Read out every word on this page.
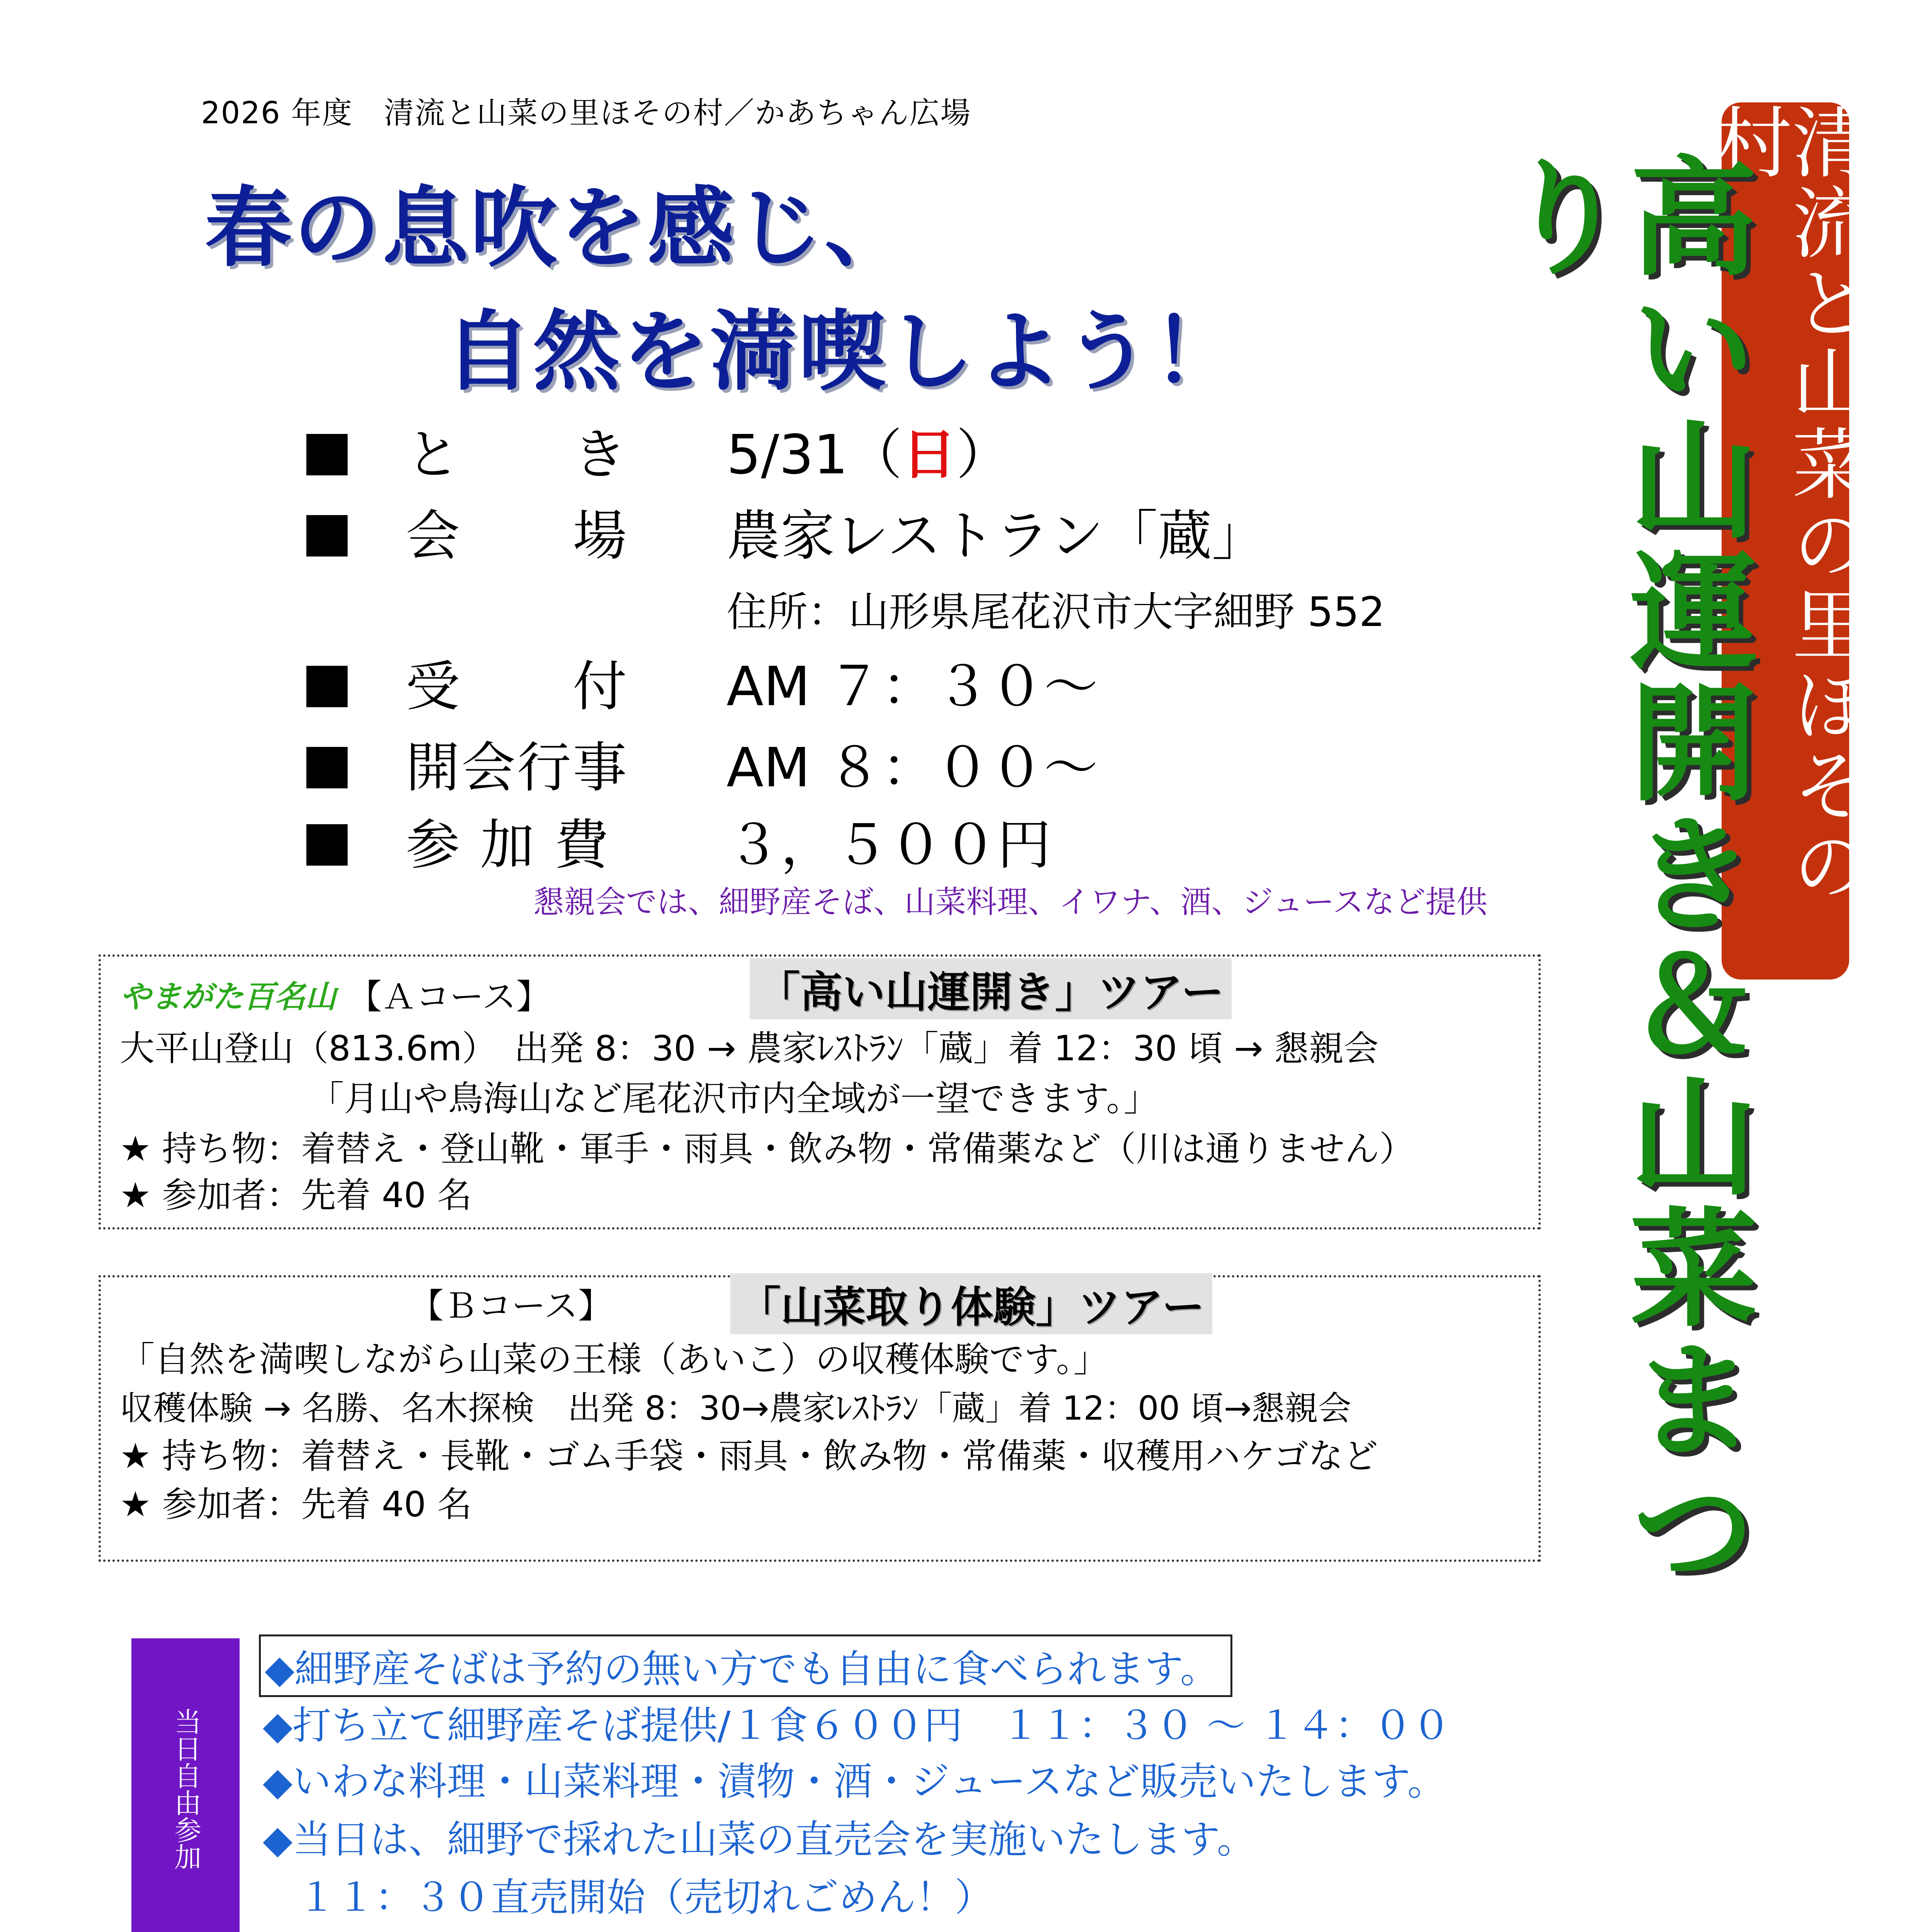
2026 年度　清流と山菜の里ほその村／かあちゃん広場
春の息吹を感じ、
自然を満喫しよう！	清流と山菜の里ほその村
高い山運開き＆山菜まつり
■ と　　き	5/31（日）
■ 会　　場	農家レストラン「蔵」
住所：山形県尾花沢市大字細野 552
■ 受　　付	AM ７：３０～
■ 開会行事	AM ８：００～
■ 参 加 費	３，５００円
懇親会では、細野産そば、山菜料理、イワナ、酒、ジュースなど提供
やまがた百名山 【Ａコース】	「高い山運開き」ツアー
大平山登山（813.6m）　出発 8：30 → 農家ﾚｽﾄﾗﾝ「蔵」着 12：30 頃 → 懇親会
「月山や鳥海山など尾花沢市内全域が一望できます。」
★ 持ち物：着替え・登山靴・軍手・雨具・飲み物・常備薬など（川は通りません）
★ 参加者：先着 40 名
【Ｂコース】	「山菜取り体験」ツアー
「自然を満喫しながら山菜の王様（あいこ）の収穫体験です。」
収穫体験 → 名勝、名木探検　出発 8：30→農家ﾚｽﾄﾗﾝ「蔵」着 12：00 頃→懇親会
★ 持ち物：着替え・長靴・ゴム手袋・雨具・飲み物・常備薬・収穫用ハケゴなど
★ 参加者：先着 40 名
当日自由参加
◆細野産そばは予約の無い方でも自由に食べられます。
◆打ち立て細野産そば提供/１食６００円　１１：３０ ～ １４：００
◆いわな料理・山菜料理・漬物・酒・ジュースなど販売いたします。
◆当日は、細野で採れた山菜の直売会を実施いたします。
１１：３０直売開始（売切れごめん！）
